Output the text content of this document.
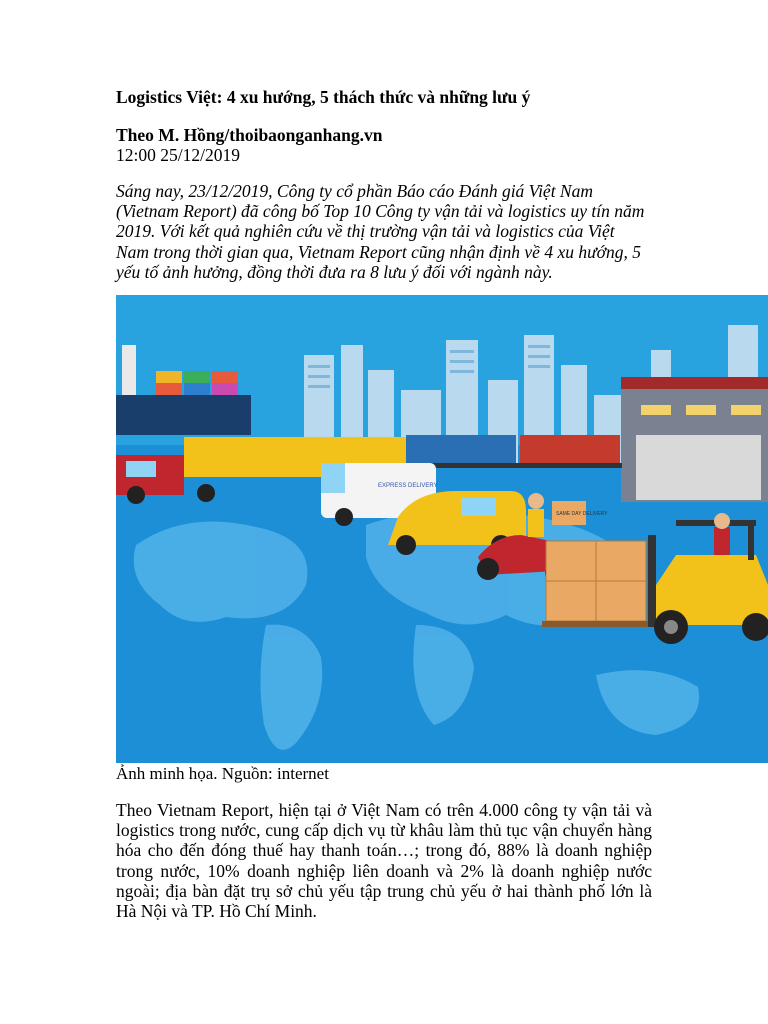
Logistics Việt: 4 xu hướng, 5 thách thức và những lưu ý
Theo M. Hồng/thoibaonganhang.vn
12:00 25/12/2019
Sáng nay, 23/12/2019, Công ty cổ phần Báo cáo Đánh giá Việt Nam (Vietnam Report) đã công bố Top 10 Công ty vận tải và logistics uy tín năm 2019. Với kết quả nghiên cứu về thị trường vận tải và logistics của Việt Nam trong thời gian qua, Vietnam Report cũng nhận định về 4 xu hướng, 5 yếu tố ảnh hưởng, đồng thời đưa ra 8 lưu ý đối với ngành này.
Ảnh minh họa. Nguồn: internet
Theo Vietnam Report, hiện tại ở Việt Nam có trên 4.000 công ty vận tải và logistics trong nước, cung cấp dịch vụ từ khâu làm thủ tục vận chuyển hàng hóa cho đến đóng thuế hay thanh toán…; trong đó, 88% là doanh nghiệp trong nước, 10% doanh nghiệp liên doanh và 2% là doanh nghiệp nước ngoài; địa bàn đặt trụ sở chủ yếu tập trung chủ yếu ở hai thành phố lớn là Hà Nội và TP. Hồ Chí Minh.
EXPRESS DELIVERY
SAME DAY DELIVERY
